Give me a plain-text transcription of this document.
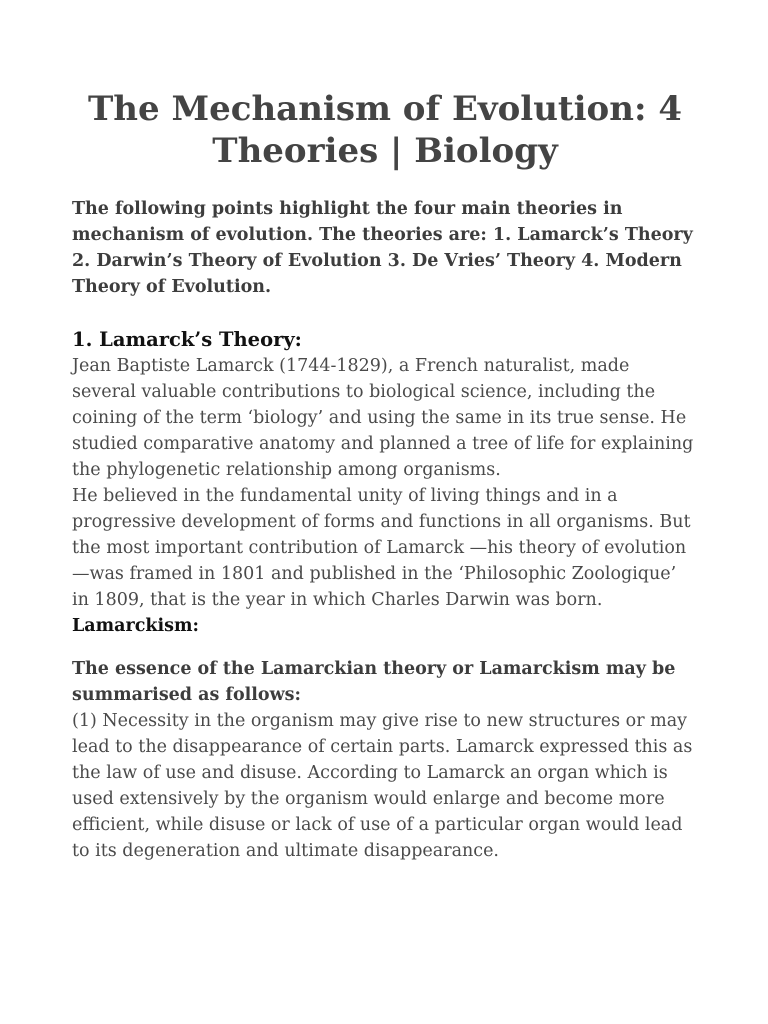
The Mechanism of Evolution: 4 Theories | Biology

The following points highlight the four main theories in mechanism of evolution. The theories are: 1. Lamarck’s Theory 2. Darwin’s Theory of Evolution 3. De Vries’ Theory 4. Modern Theory of Evolution.

1. Lamarck’s Theory:

Jean Baptiste Lamarck (1744-1829), a French naturalist, made several valuable contributions to biological science, including the coining of the term ‘biology’ and using the same in its true sense. He studied comparative anatomy and planned a tree of life for explaining the phylogenetic relationship among organisms.

He believed in the fundamental unity of living things and in a progressive development of forms and functions in all organisms. But the most important contribution of Lamarck —his theory of evolution—was framed in 1801 and published in the ‘Philosophic Zoologique’ in 1809, that is the year in which Charles Darwin was born.

Lamarckism:

The essence of the Lamarckian theory or Lamarckism may be summarised as follows:

(1) Necessity in the organism may give rise to new structures or may lead to the disappearance of certain parts. Lamarck expressed this as the law of use and disuse. According to Lamarck an organ which is used extensively by the organism would enlarge and become more efficient, while disuse or lack of use of a particular organ would lead to its degeneration and ultimate disappearance.
